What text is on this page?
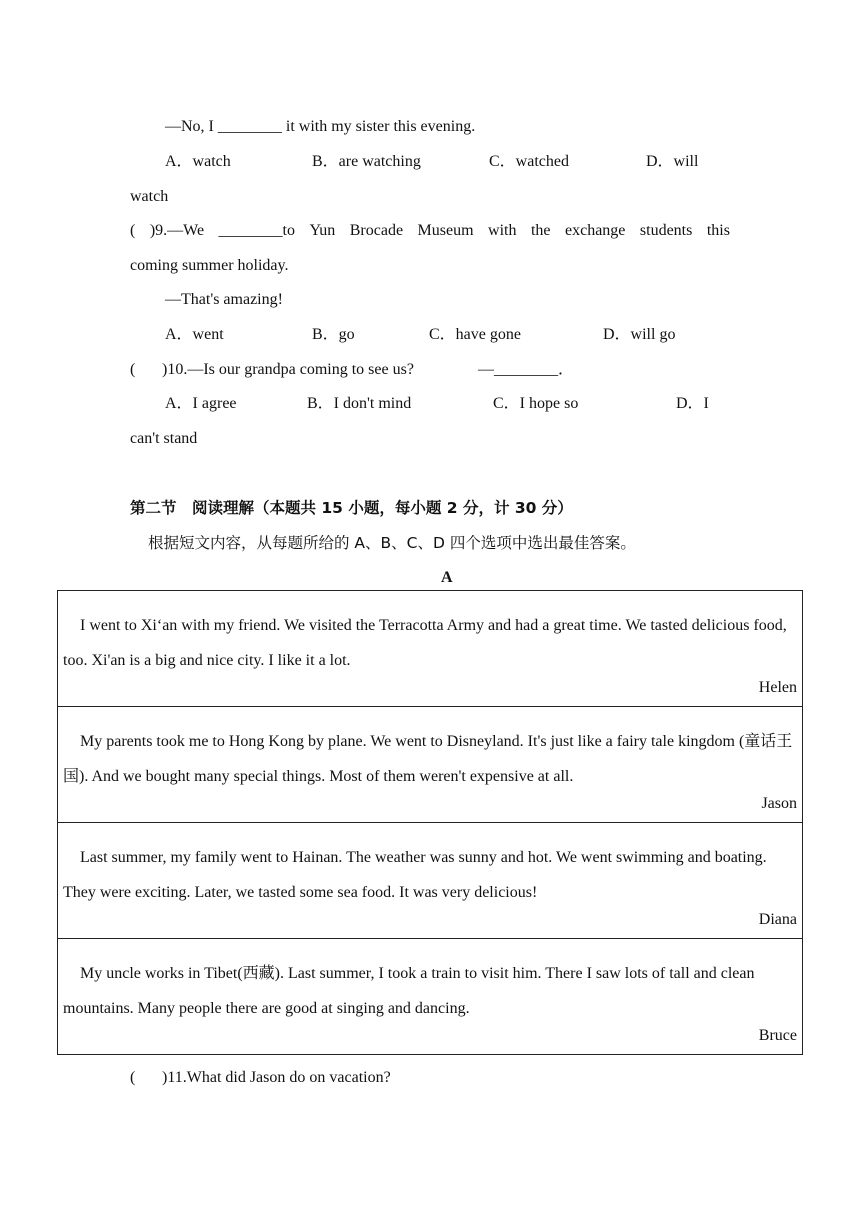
—No, I ________ it with my sister this evening.
A．watch	B．are watching	C．watched	D．will
watch
( )9.—We ________to Yun Brocade Museum with the exchange students this
coming summer holiday.
—That's amazing!
A．went	B．go	C．have gone	D．will go
( )10.—Is our grandpa coming to see us?	—________．
A．I agree	B．I don't mind	C．I hope so	D．I
can't stand
第二节　阅读理解（本题共 15 小题，每小题 2 分，计 30 分）
根据短文内容，从每题所给的 A、B、C、D 四个选项中选出最佳答案。
A
I went to Xi‘an with my friend. We visited the Terracotta Army and had a great time. We tasted delicious food, too. Xi'an is a big and nice city. I like it a lot.
Helen

My parents took me to Hong Kong by plane. We went to Disneyland. It's just like a fairy tale kingdom (童话王国). And we bought many special things. Most of them weren't expensive at all.
Jason

Last summer, my family went to Hainan. The weather was sunny and hot. We went swimming and boating. They were exciting. Later, we tasted some sea food. It was very delicious!
Diana

My uncle works in Tibet(西藏). Last summer, I took a train to visit him. There I saw lots of tall and clean mountains. Many people there are good at singing and dancing.
Bruce
( )11.What did Jason do on vacation?
